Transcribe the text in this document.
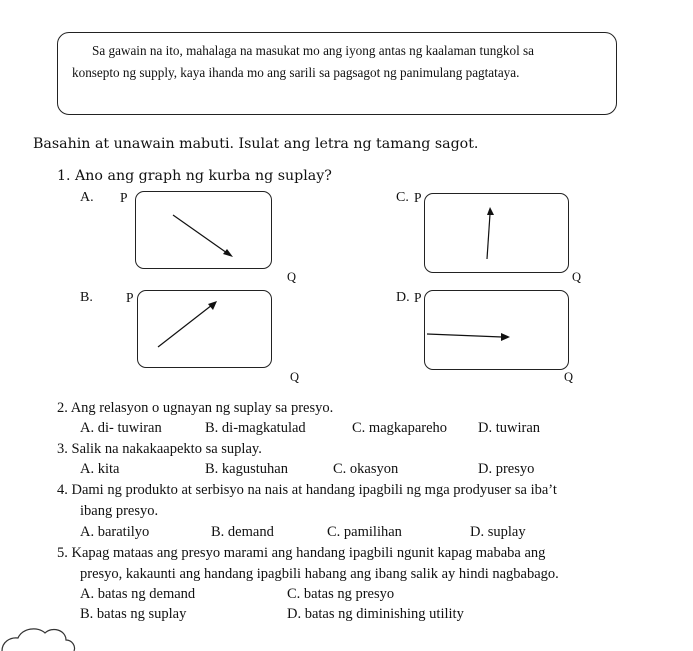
Sa gawain na ito, mahalaga na masukat mo ang iyong antas ng kaalaman tungkol sa
konsepto ng supply, kaya ihanda mo ang sarili sa pagsagot ng panimulang pagtataya.
Basahin at unawain mabuti. Isulat ang letra ng tamang sagot.
1. Ano ang graph ng kurba ng suplay?
A. P
Q
B. P
Q
C. P
Q
D. P
Q
2. Ang relasyon o ugnayan ng suplay sa presyo.
A. di- tuwiran	B. di-magkatulad	C. magkapareho D. tuwiran
3. Salik na nakakaapekto sa suplay.
A. kita	B. kagustuhan	C. okasyon	D. presyo
4. Dami ng produkto at serbisyo na nais at handang ipagbili ng mga prodyuser sa iba’t
ibang presyo.
A. baratilyo	B. demand	C. pamilihan	D. suplay
5. Kapag mataas ang presyo marami ang handang ipagbili ngunit kapag mababa ang
presyo, kakaunti ang handang ipagbili habang ang ibang salik ay hindi nagbabago.
A. batas ng demand
B. batas ng suplay
C. batas ng presyo
D. batas ng diminishing utility
